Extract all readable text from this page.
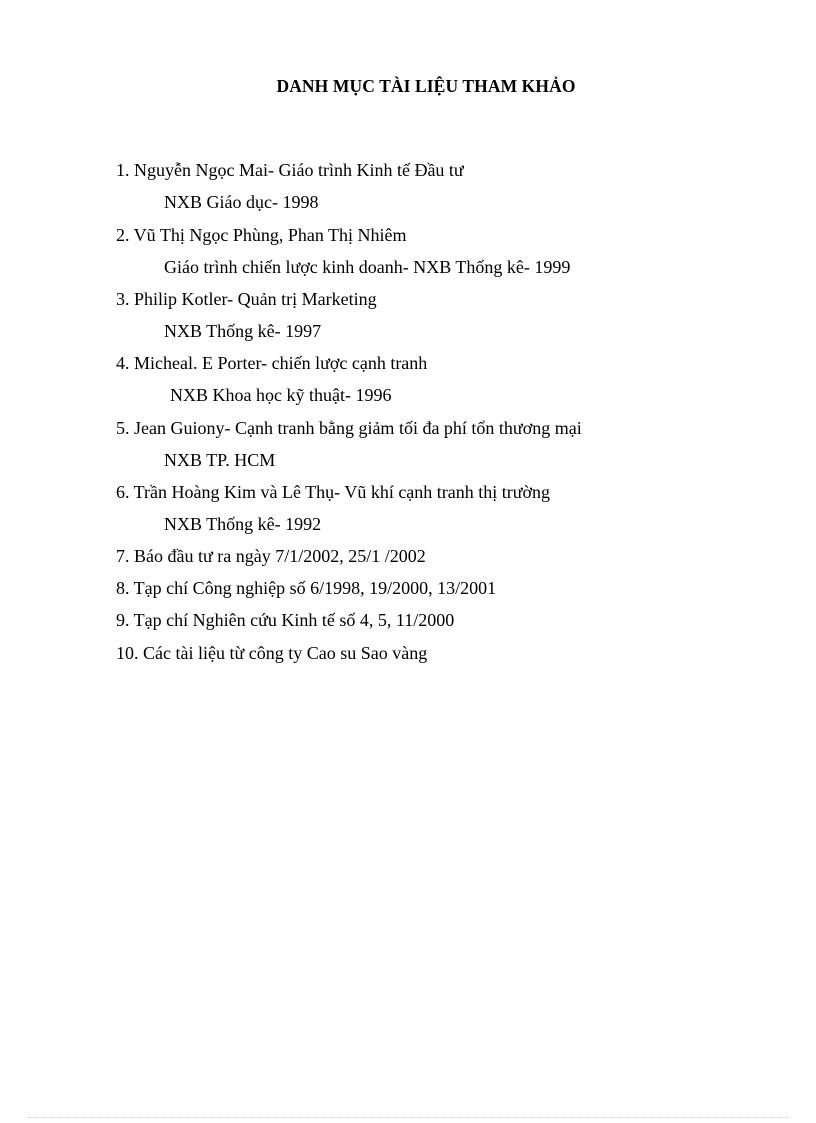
DANH MỤC TÀI LIỆU THAM KHẢO
1. Nguyễn Ngọc Mai- Giáo trình Kinh tế Đầu tư
NXB Giáo dục- 1998
2. Vũ Thị Ngọc Phùng, Phan Thị Nhiêm
Giáo trình chiến lược kinh doanh- NXB Thống kê- 1999
3. Philip Kotler- Quản trị Marketing
NXB Thống kê- 1997
4. Micheal. E Porter- chiến lược cạnh tranh
NXB Khoa học kỹ thuật- 1996
5. Jean Guiony- Cạnh tranh bằng giảm tối đa phí tổn thương mại
NXB TP. HCM
6. Trần Hoàng Kim và Lê Thụ- Vũ khí cạnh tranh thị trường
NXB Thống kê- 1992
7. Báo đầu tư ra ngày 7/1/2002, 25/1 /2002
8. Tạp chí Công nghiệp số 6/1998, 19/2000, 13/2001
9. Tạp chí Nghiên cứu Kinh tế số 4, 5, 11/2000
10. Các tài liệu từ công ty Cao su Sao vàng
